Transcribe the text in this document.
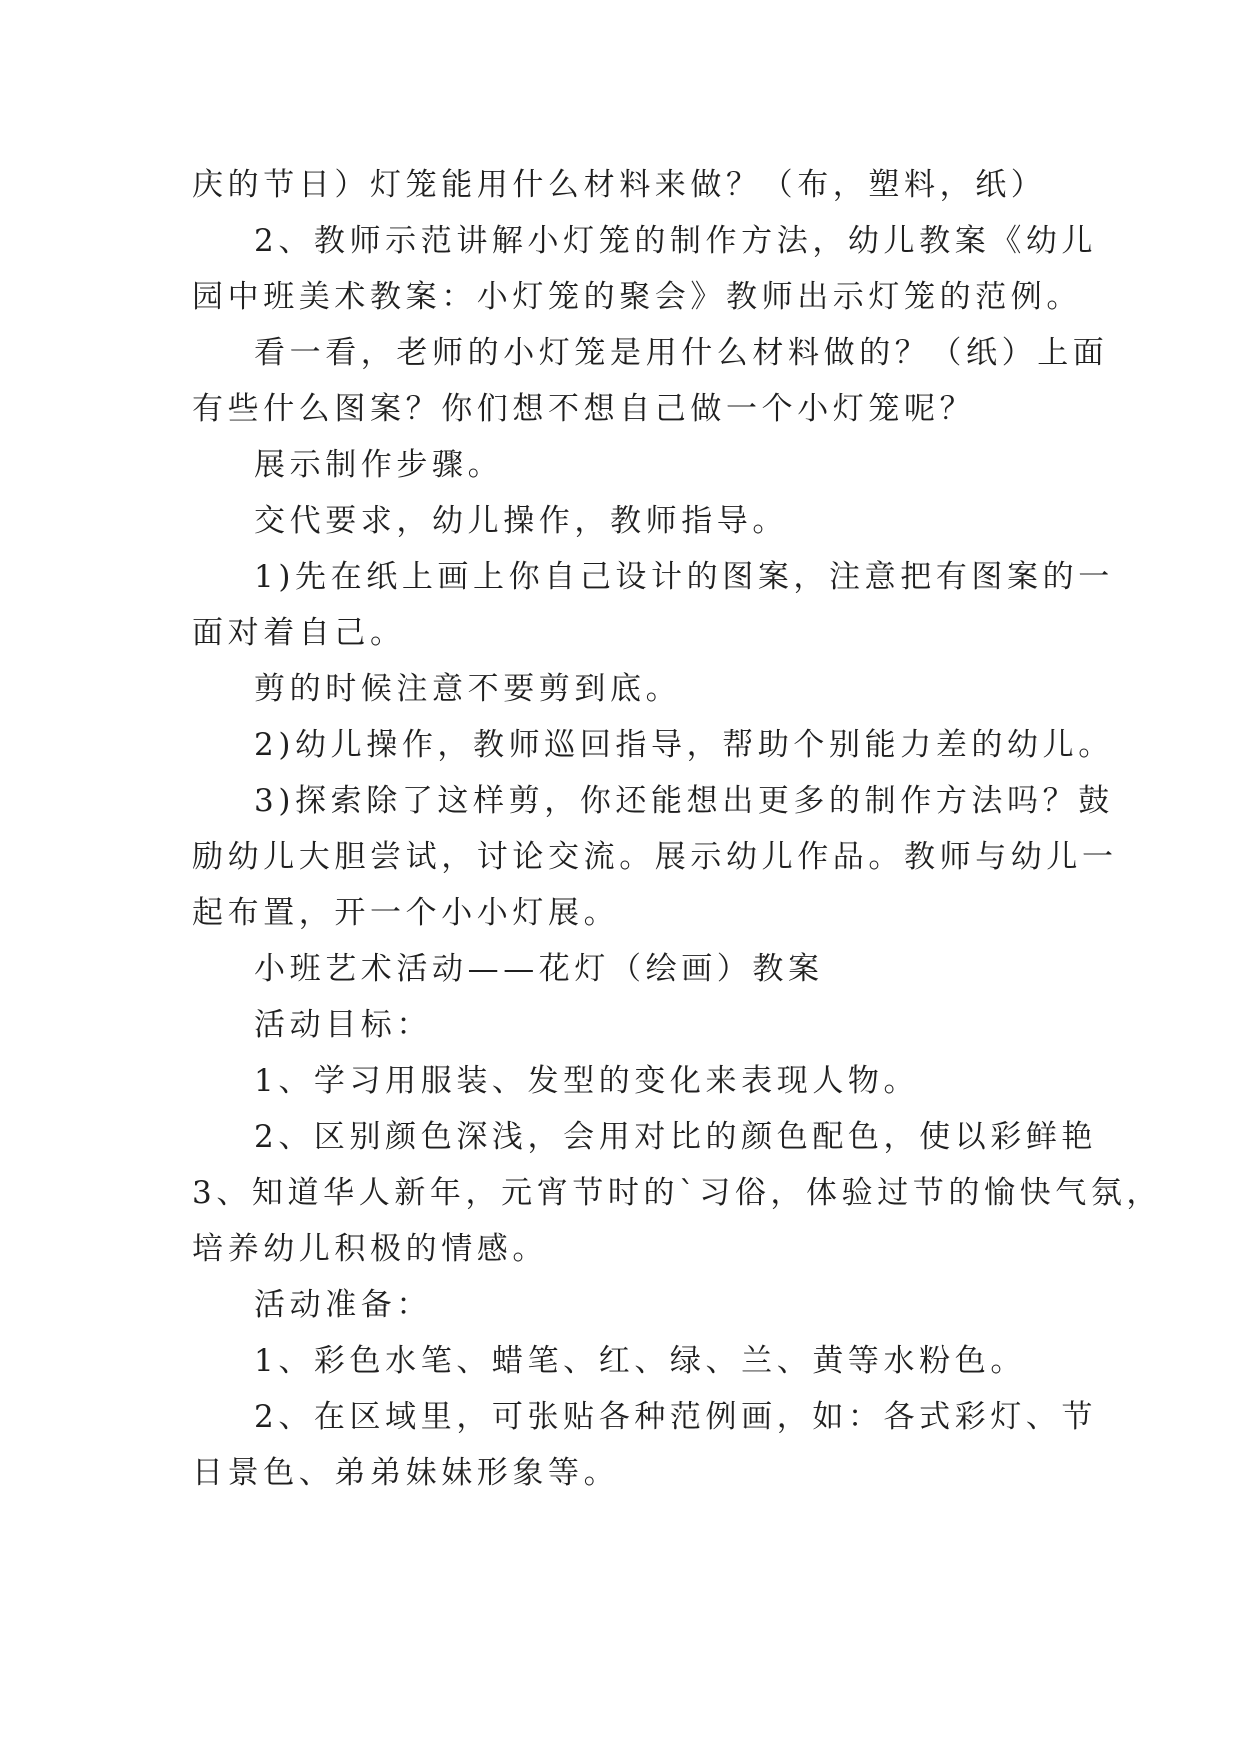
庆的节日）灯笼能用什么材料来做？（布，塑料，纸）
2、教师示范讲解小灯笼的制作方法，幼儿教案《幼儿
园中班美术教案：小灯笼的聚会》教师出示灯笼的范例。
看一看，老师的小灯笼是用什么材料做的？（纸）上面
有些什么图案？你们想不想自己做一个小灯笼呢？
展示制作步骤。
交代要求，幼儿操作，教师指导。
1)先在纸上画上你自己设计的图案，注意把有图案的一
面对着自己。
剪的时候注意不要剪到底。
2)幼儿操作，教师巡回指导，帮助个别能力差的幼儿。
3)探索除了这样剪，你还能想出更多的制作方法吗？鼓
励幼儿大胆尝试，讨论交流。展示幼儿作品。教师与幼儿一
起布置，开一个小小灯展。
小班艺术活动——花灯（绘画）教案
活动目标：
1、学习用服装、发型的变化来表现人物。
2、区别颜色深浅，会用对比的颜色配色，使以彩鲜艳
3、知道华人新年，元宵节时的`习俗，体验过节的愉快气氛，
培养幼儿积极的情感。
活动准备：
1、彩色水笔、蜡笔、红、绿、兰、黄等水粉色。
2、在区域里，可张贴各种范例画，如：各式彩灯、节
日景色、弟弟妹妹形象等。
